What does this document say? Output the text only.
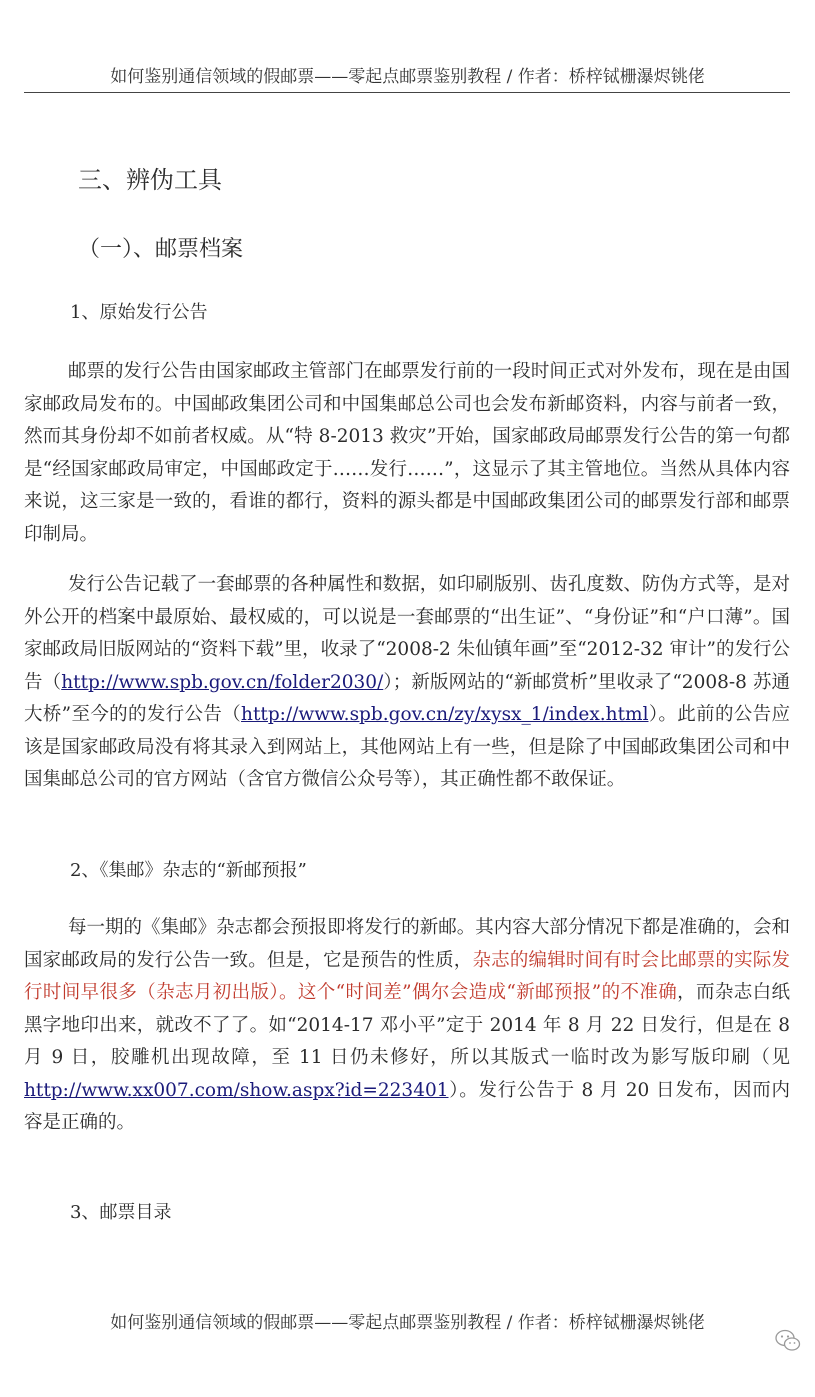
如何鉴别通信领域的假邮票——零起点邮票鉴别教程 / 作者：桥梓铽栅瀑烬铫佬
三、辨伪工具
（一）、邮票档案
1、原始发行公告
邮票的发行公告由国家邮政主管部门在邮票发行前的一段时间正式对外发布，现在是由国家邮政局发布的。中国邮政集团公司和中国集邮总公司也会发布新邮资料，内容与前者一致，然而其身份却不如前者权威。从“特 8-2013 救灾”开始，国家邮政局邮票发行公告的第一句都是“经国家邮政局审定，中国邮政定于……发行……”，这显示了其主管地位。当然从具体内容来说，这三家是一致的，看谁的都行，资料的源头都是中国邮政集团公司的邮票发行部和邮票印制局。
发行公告记载了一套邮票的各种属性和数据，如印刷版别、齿孔度数、防伪方式等，是对外公开的档案中最原始、最权威的，可以说是一套邮票的“出生证”、“身份证”和“户口薄”。国家邮政局旧版网站的“资料下载”里，收录了“2008-2 朱仙镇年画”至“2012-32 审计”的发行公告（http://www.spb.gov.cn/folder2030/）；新版网站的“新邮赏析”里收录了“2008-8 苏通大桥”至今的的发行公告（http://www.spb.gov.cn/zy/xysx_1/index.html）。此前的公告应该是国家邮政局没有将其录入到网站上，其他网站上有一些，但是除了中国邮政集团公司和中国集邮总公司的官方网站（含官方微信公众号等），其正确性都不敢保证。
2、《集邮》杂志的“新邮预报”
每一期的《集邮》杂志都会预报即将发行的新邮。其内容大部分情况下都是准确的，会和国家邮政局的发行公告一致。但是，它是预告的性质，杂志的编辑时间有时会比邮票的实际发行时间早很多（杂志月初出版）。这个“时间差”偶尔会造成“新邮预报”的不准确，而杂志白纸黑字地印出来，就改不了了。如“2014-17 邓小平”定于 2014 年 8 月 22 日发行，但是在 8 月 9 日，胶雕机出现故障，至 11 日仍未修好，所以其版式一临时改为影写版印刷（见 http://www.xx007.com/show.aspx?id=223401）。发行公告于 8 月 20 日发布，因而内容是正确的。
3、邮票目录
如何鉴别通信领域的假邮票——零起点邮票鉴别教程 / 作者：桥梓铽栅瀑烬铫佬
